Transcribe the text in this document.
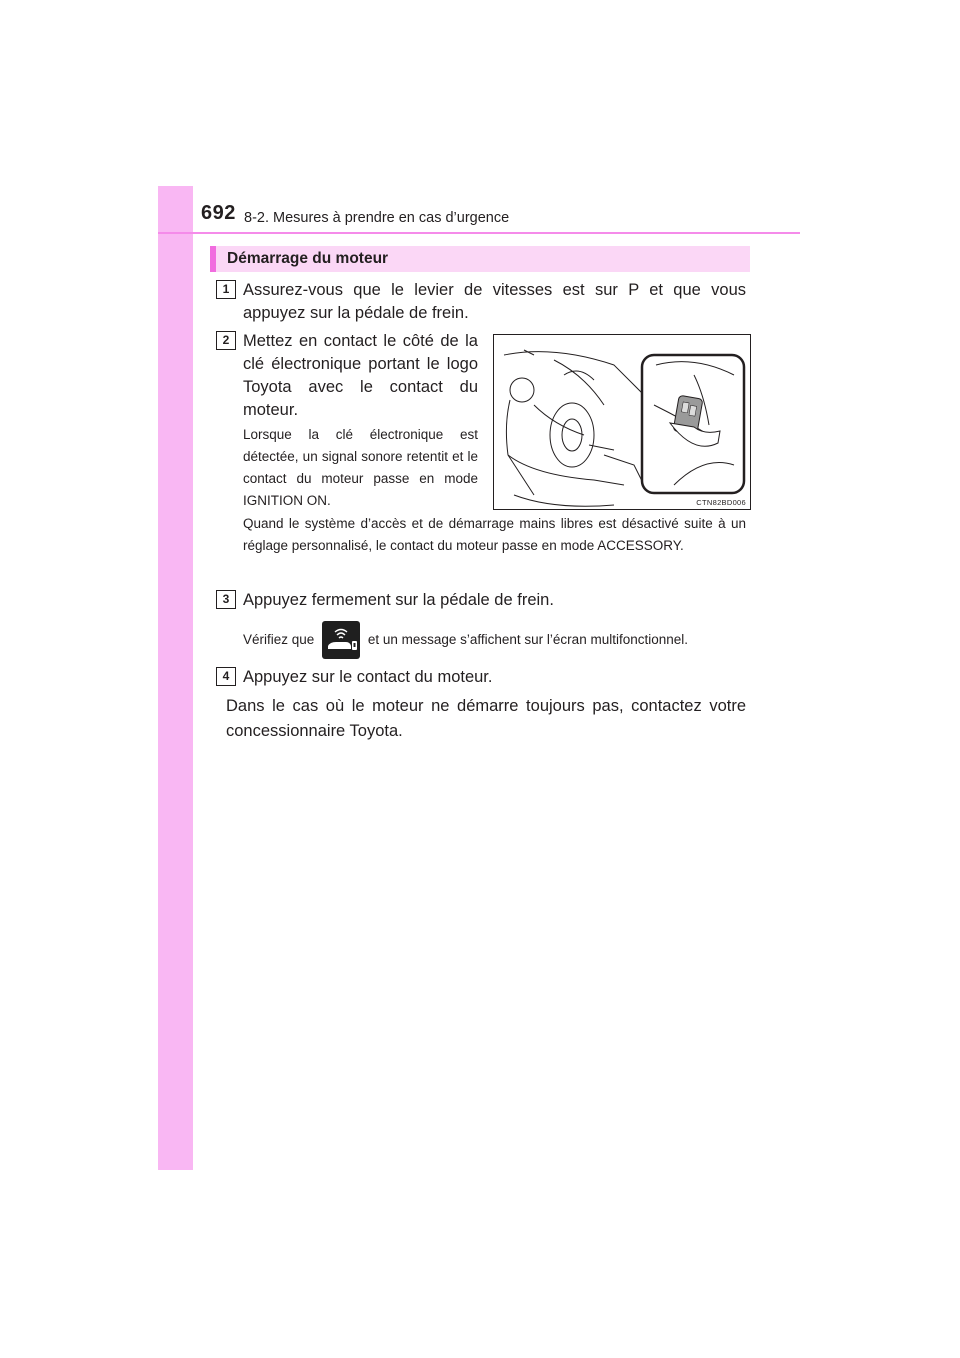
692 8-2. Mesures à prendre en cas d’urgence
Démarrage du moteur
1 Assurez-vous que le levier de vitesses est sur P et que vous appuyez sur la pédale de frein.
2 Mettez en contact le côté de la clé électronique portant le logo Toyota avec le contact du moteur.
Lorsque la clé électronique est détectée, un signal sonore retentit et le contact du moteur passe en mode IGNITION ON.	CTN82BD006
Quand le système d’accès et de démarrage mains libres est désactivé suite à un réglage personnalisé, le contact du moteur passe en mode ACCESSORY.
3 Appuyez fermement sur la pédale de frein.
Vérifiez que	et un message s’affichent sur l’écran multifonctionnel.
4 Appuyez sur le contact du moteur.
Dans le cas où le moteur ne démarre toujours pas, contactez votre concessionnaire Toyota.
